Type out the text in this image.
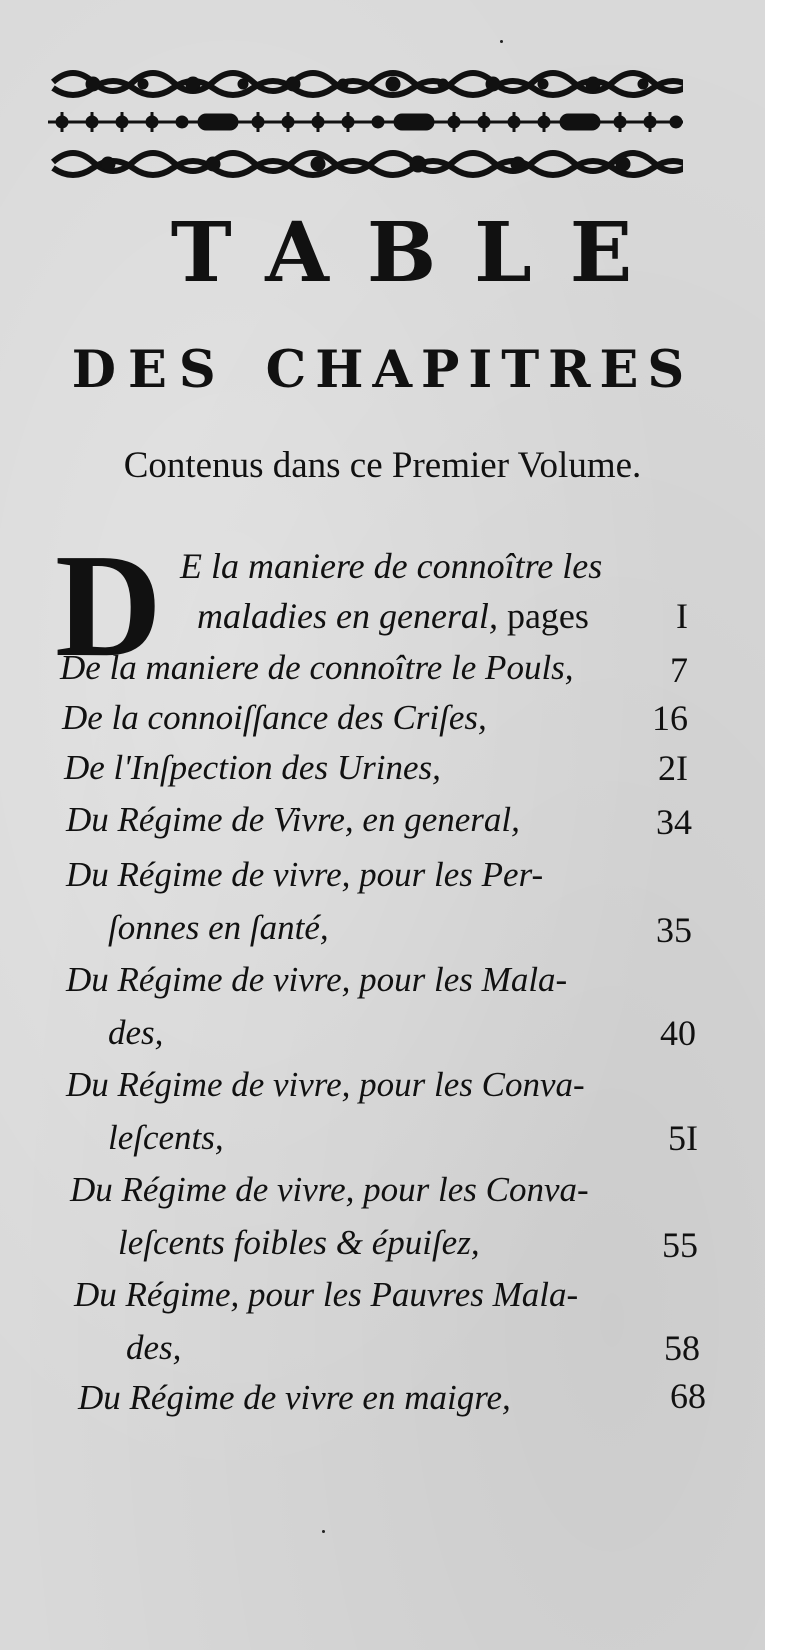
TABLE
DES CHAPITRES
Contenus dans ce Premier Volume.
D E la maniere de connoître les
maladies en general, pages	I
De la maniere de connoître le Pouls,	7
De la connoiſſance des Criſes,	16
De l'Inſpection des Urines,	2I
Du Régime de Vivre, en general,	34
Du Régime de vivre, pour les Per-
ſonnes en ſanté,	35
Du Régime de vivre, pour les Mala-
des,	40
Du Régime de vivre, pour les Conva-
leſcents,	5I
Du Régime de vivre, pour les Conva-
leſcents foibles & épuiſez,	55
Du Régime, pour les Pauvres Mala-
des,	58
Du Régime de vivre en maigre,	68
